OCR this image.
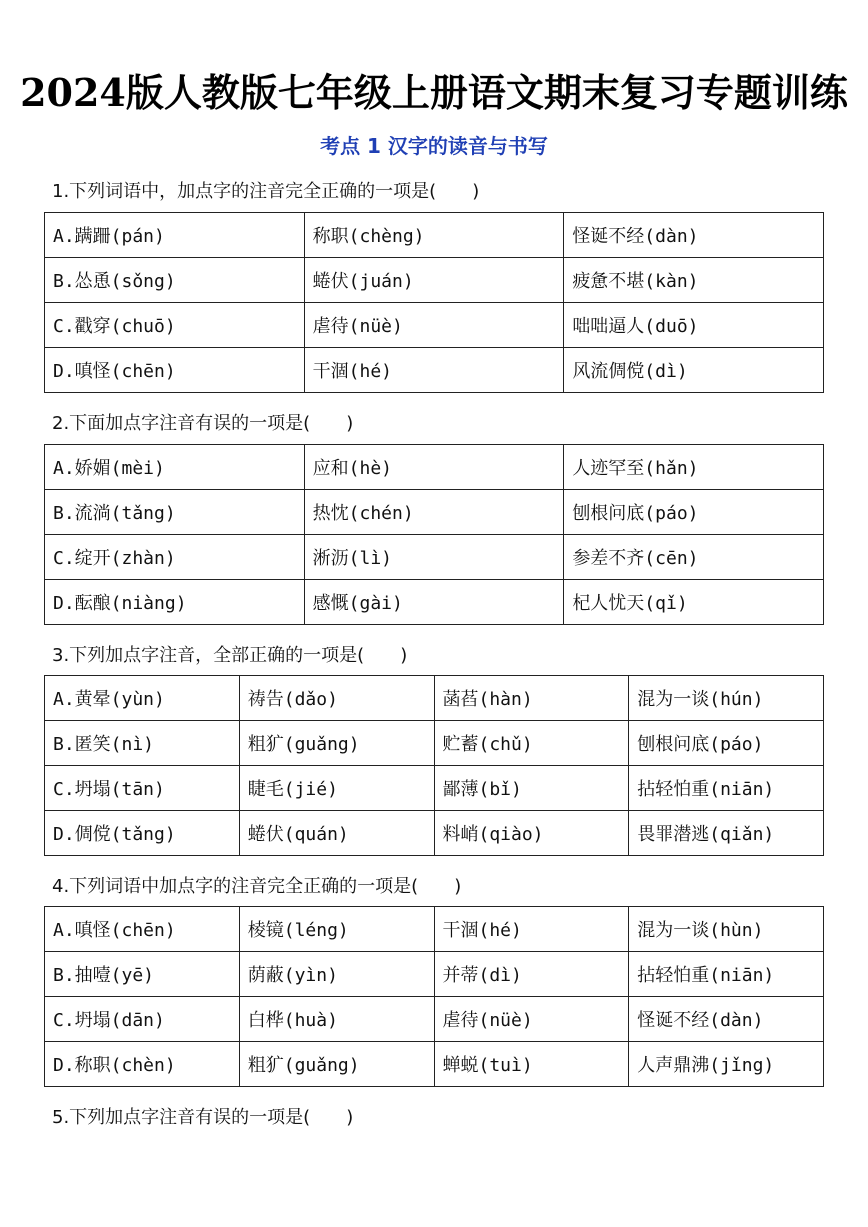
2024版人教版七年级上册语文期末复习专题训练
考点 1 汉字的读音与书写
1.下列词语中，加点字的注音完全正确的一项是(　　)
A.蹒跚(pán)	称职(chèng)	怪诞不经(dàn)
B.怂恿(sǒng)	蜷伏(juán)	疲惫不堪(kàn)
C.戳穿(chuō)	虐待(nüè)	咄咄逼人(duō)
D.嗔怪(chēn)	干涸(hé)	风流倜傥(dì)
2.下面加点字注音有误的一项是(　　)
A.娇媚(mèi)	应和(hè)	人迹罕至(hǎn)
B.流淌(tǎng)	热忱(chén)	刨根问底(páo)
C.绽开(zhàn)	淅沥(lì)	参差不齐(cēn)
D.酝酿(niàng)	感慨(gài)	杞人忧天(qǐ)
3.下列加点字注音，全部正确的一项是(　　)
A.黄晕(yùn)	祷告(dǎo)	菡萏(hàn)	混为一谈(hún)
B.匿笑(nì)	粗犷(guǎng)	贮蓄(chǔ)	刨根问底(páo)
C.坍塌(tān)	睫毛(jié)	鄙薄(bǐ)	拈轻怕重(niān)
D.倜傥(tǎng)	蜷伏(quán)	料峭(qiào)	畏罪潜逃(qiǎn)
4.下列词语中加点字的注音完全正确的一项是(　　)
A.嗔怪(chēn)	棱镜(léng)	干涸(hé)	混为一谈(hùn)
B.抽噎(yē)	荫蔽(yìn)	并蒂(dì)	拈轻怕重(niān)
C.坍塌(dān)	白桦(huà)	虐待(nüè)	怪诞不经(dàn)
D.称职(chèn)	粗犷(guǎng)	蝉蜕(tuì)	人声鼎沸(jǐng)
5.下列加点字注音有误的一项是(　　)
